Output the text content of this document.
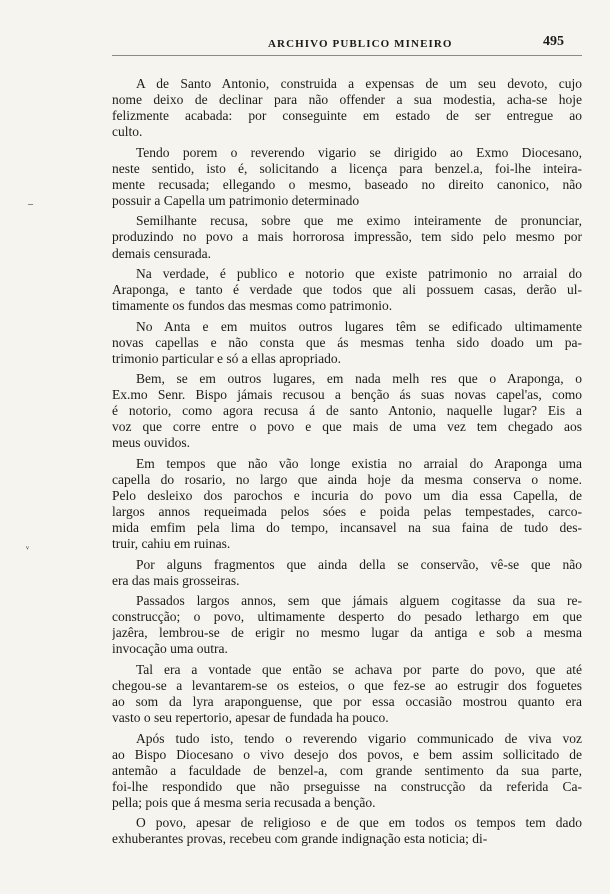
ARCHIVO PUBLICO MINEIRO	495
–
ᵛ

A de Santo Antonio, construida a expensas de um seu devoto, cujo
nome deixo de declinar para não offender a sua modestia, acha-se hoje
felizmente acabada: por conseguinte em estado de ser entregue ao
culto.

Tendo porem o reverendo vigario se dirigido ao Exmo Diocesano,
neste sentido, isto é, solicitando a licença para benzel.a, foi-lhe inteira-
mente recusada; ellegando o mesmo, baseado no direito canonico, não
possuir a Capella um patrimonio determinado

Semilhante recusa, sobre que me eximo inteiramente de pronunciar,
produzindo no povo a mais horrorosa impressão, tem sido pelo mesmo por
demais censurada.

Na verdade, é publico e notorio que existe patrimonio no arraial do
Araponga, e tanto é verdade que todos que ali possuem casas, derão ul-
timamente os fundos das mesmas como patrimonio.

No Anta e em muitos outros lugares têm se edificado ultimamente
novas capellas e não consta que ás mesmas tenha sido doado um pa-
trimonio particular e só a ellas apropriado.

Bem, se em outros lugares, em nada melh res que o Araponga, o
Ex.mo Senr. Bispo jámais recusou a benção ás suas novas capel'as, como
é notorio, como agora recusa á de santo Antonio, naquelle lugar? Eis a
voz que corre entre o povo e que mais de uma vez tem chegado aos
meus ouvidos.

Em tempos que não vão longe existia no arraial do Araponga uma
capella do rosario, no largo que ainda hoje da mesma conserva o nome.
Pelo desleixo dos parochos e incuria do povo um dia essa Capella, de
largos annos requeimada pelos sóes e poida pelas tempestades, carco-
mida emfim pela lima do tempo, incansavel na sua faina de tudo des-
truir, cahiu em ruinas.

Por alguns fragmentos que ainda della se conservão, vê-se que não
era das mais grosseiras.

Passados largos annos, sem que jámais alguem cogitasse da sua re-
construcção; o povo, ultimamente desperto do pesado lethargo em que
jazêra, lembrou-se de erigir no mesmo lugar da antiga e sob a mesma
invocação uma outra.

Tal era a vontade que então se achava por parte do povo, que até
chegou-se a levantarem-se os esteios, o que fez-se ao estrugir dos foguetes
ao som da lyra araponguense, que por essa occasião mostrou quanto era
vasto o seu repertorio, apesar de fundada ha pouco.

Após tudo isto, tendo o reverendo vigario communicado de viva voz
ao Bispo Diocesano o vivo desejo dos povos, e bem assim sollicitado de
antemão a faculdade de benzel-a, com grande sentimento da sua parte,
foi-lhe respondido que não prseguisse na construcção da referida Ca-
pella; pois que á mesma seria recusada a benção.

O povo, apesar de religioso e de que em todos os tempos tem dado
exhuberantes provas, recebeu com grande indignação esta noticia; di-
